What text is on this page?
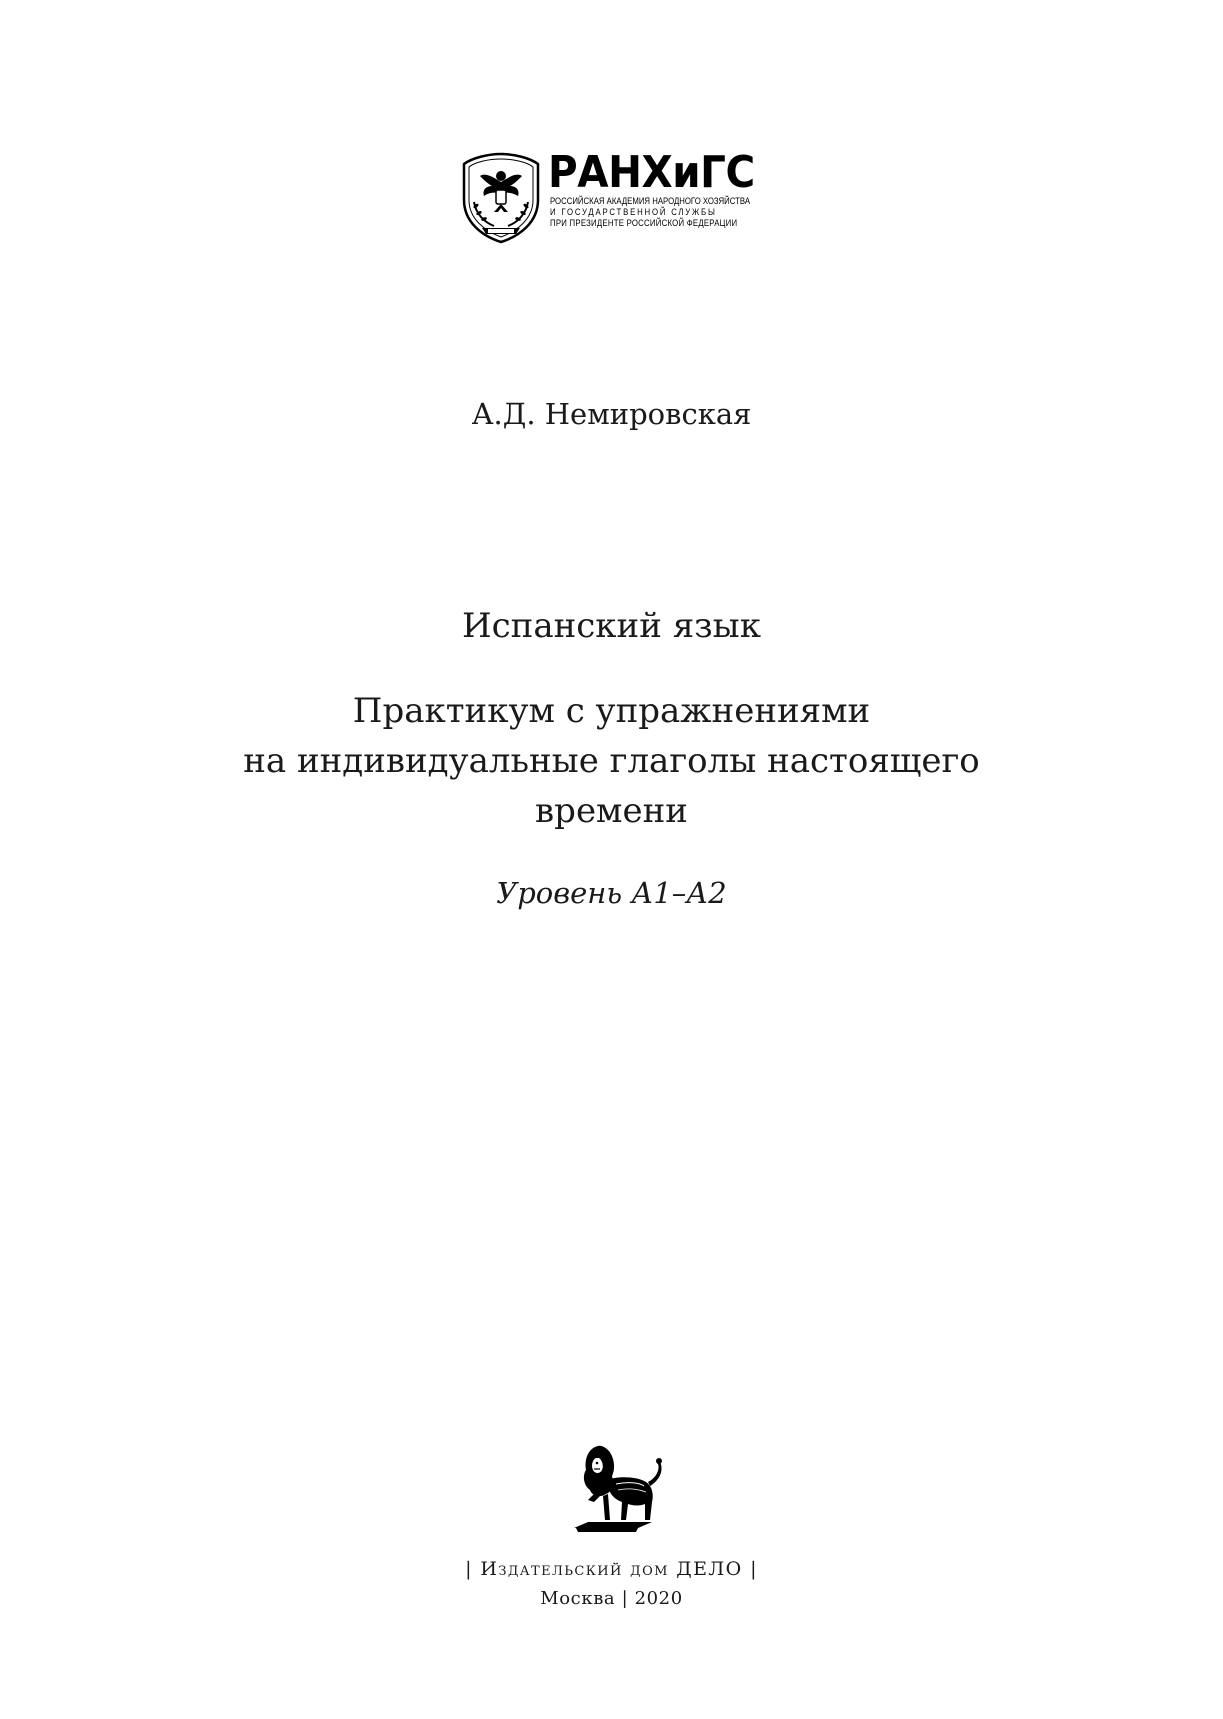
РАНХиГС
РОССИЙСКАЯ АКАДЕМИЯ НАРОДНОГО ХОЗЯЙСТВА
И ГОСУДАРСТВЕННОЙ СЛУЖБЫ
ПРИ ПРЕЗИДЕНТЕ РОССИЙСКОЙ ФЕДЕРАЦИИ
А.Д. Немировская
Испанский язык
Практикум с упражнениями
на индивидуальные глаголы настоящего
времени
Уровень А1–А2
| Издательский дом ДЕЛО |
Москва | 2020
